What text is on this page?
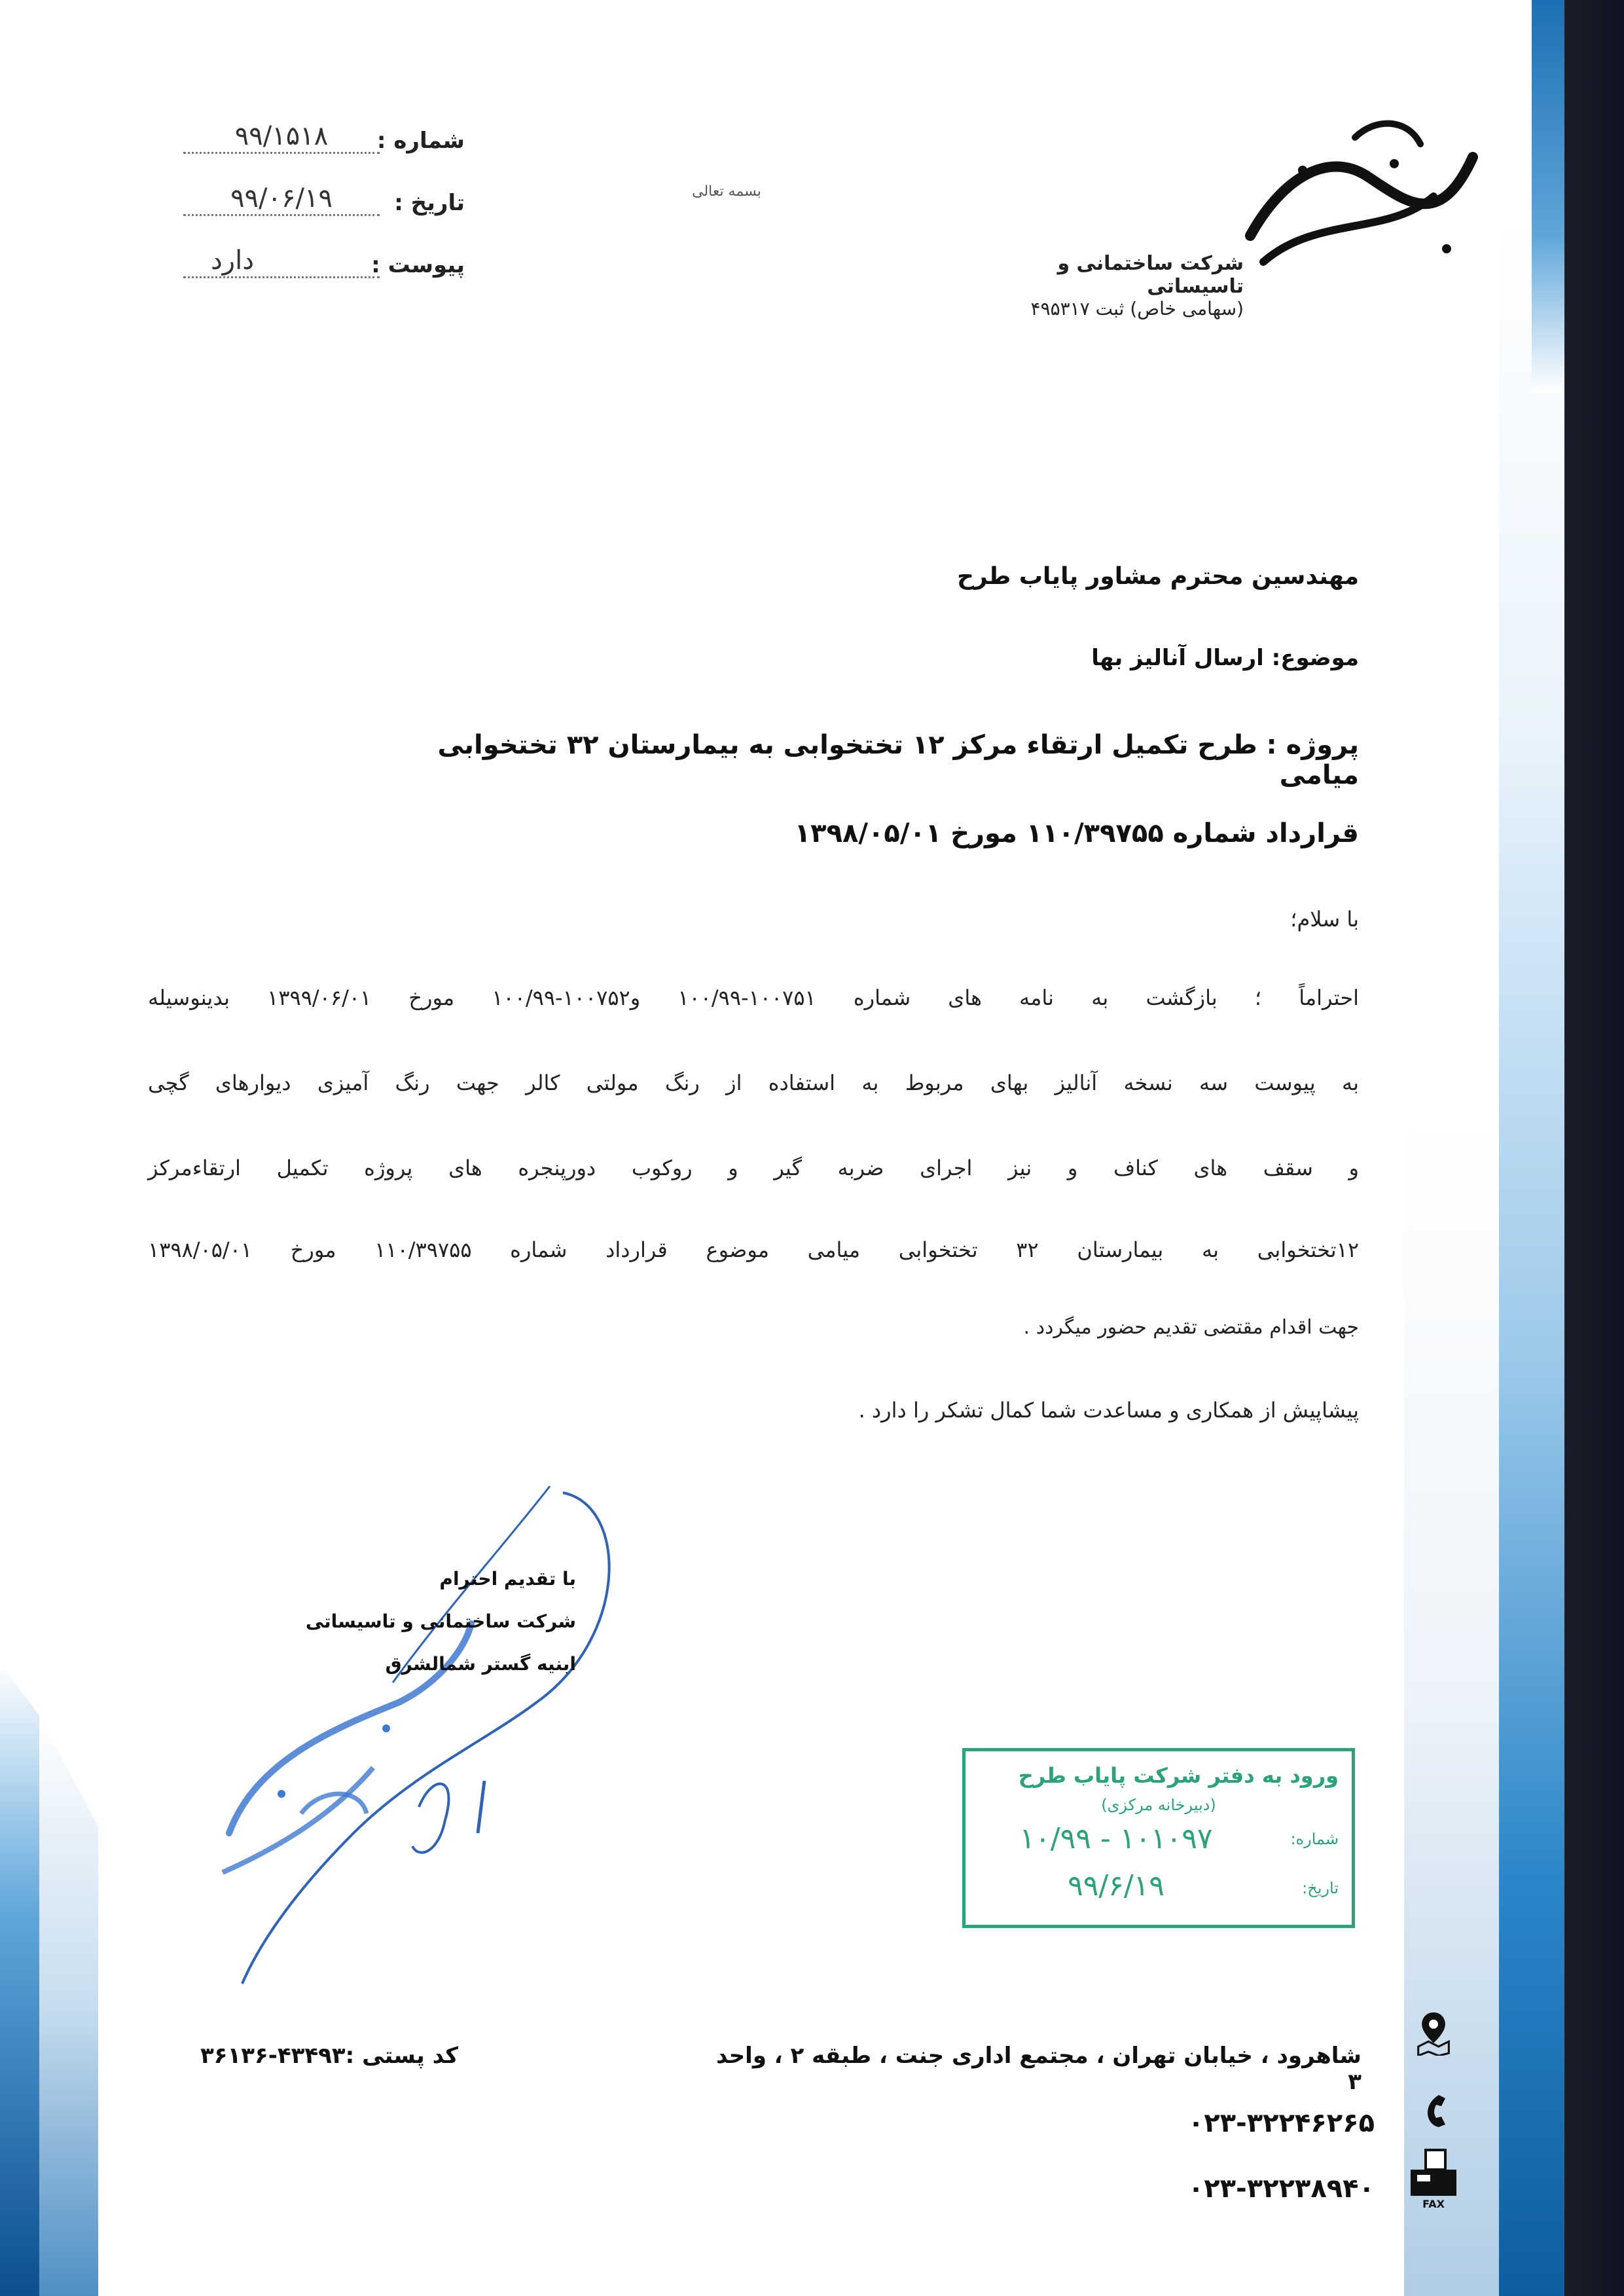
شرکت ساختمانی و تاسیساتی
(سهامی خاص) ثبت ۴۹۵۳۱۷
بسمه تعالی
شماره :
۹۹/۱۵۱۸
تاریخ :
۹۹/۰۶/۱۹
پیوست :
دارد
مهندسین محترم مشاور پایاب طرح
موضوع: ارسال آنالیز بها
پروژه : طرح تکمیل ارتقاء مرکز ۱۲ تختخوابی به بیمارستان ۳۲ تختخوابی میامی
قرارداد شماره ۱۱۰/۳۹۷۵۵ مورخ ۱۳۹۸/۰۵/۰۱
با سلام؛
احتراماً ؛ بازگشت به نامه های شماره ۱۰۰۷۵۱-۱۰۰/۹۹ و۱۰۰۷۵۲-۱۰۰/۹۹ مورخ ۱۳۹۹/۰۶/۰۱ بدینوسیله
به پیوست سه نسخه آنالیز بهای مربوط به استفاده از رنگ مولتی کالر جهت رنگ آمیزی دیوارهای گچی
و سقف های کناف و نیز اجرای ضربه گیر و روکوب دورپنجره های پروژه تکمیل ارتقاءمرکز
۱۲تختخوابی به بیمارستان ۳۲ تختخوابی میامی موضوع قرارداد شماره ۱۱۰/۳۹۷۵۵ مورخ ۱۳۹۸/۰۵/۰۱
جهت اقدام مقتضی تقدیم حضور میگردد .
پیشاپیش از همکاری و مساعدت شما کمال تشکر را دارد .
با تقدیم احترام
شرکت ساختمانی و تاسیساتی
ابنیه گستر شمالشرق
ورود به دفتر شرکت پایاب طرح
(دبیرخانه مرکزی)
شماره:
۱۰/۹۹ - ۱۰۱۰۹۷
تاریخ:
۹۹/۶/۱۹
شاهرود ، خیابان تهران ، مجتمع اداری جنت ، طبقه ۲ ، واحد ۳
کد پستی :۴۳۴۹۳-۳۶۱۳۶
۰۲۳-۳۲۲۴۶۲۶۵
۰۲۳-۳۲۲۳۸۹۴۰
FAX
